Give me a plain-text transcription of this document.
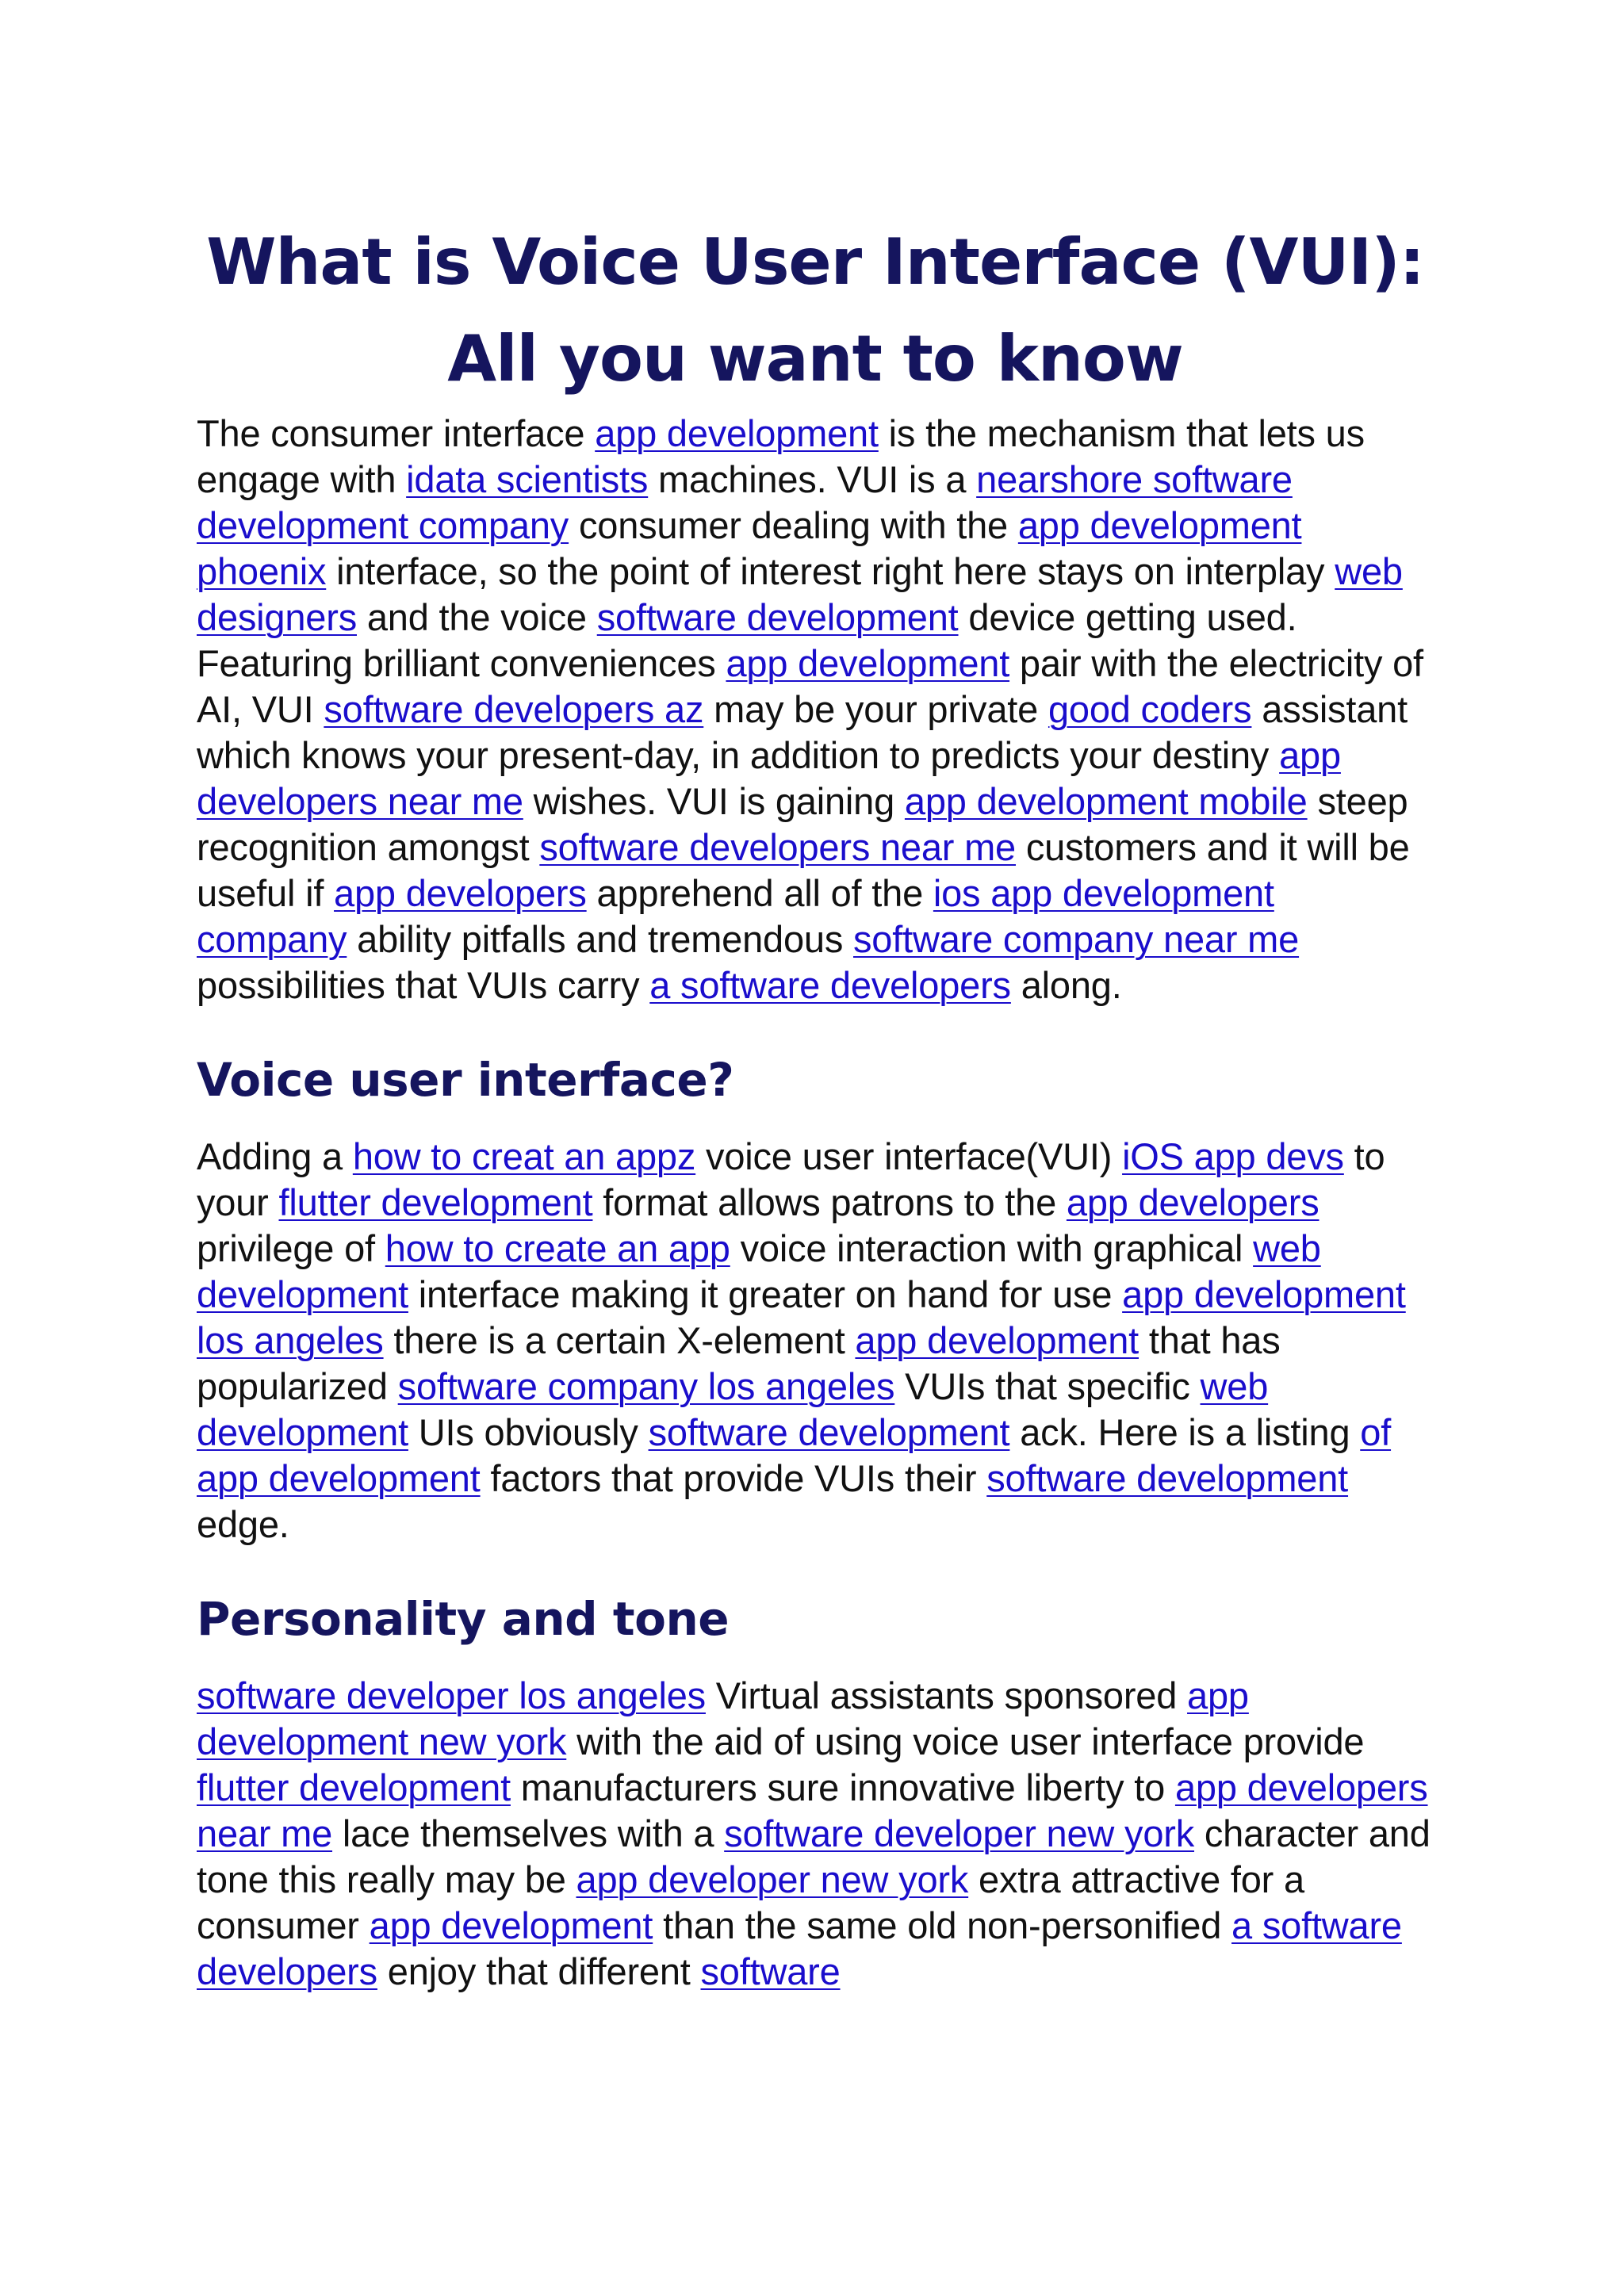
What is Voice User Interface (VUI): All you want to know

The consumer interface app development is the mechanism that lets us engage with idata scientists machines. VUI is a nearshore software development company consumer dealing with the app development phoenix interface, so the point of interest right here stays on interplay web designers and the voice software development device getting used. Featuring brilliant conveniences app development pair with the electricity of AI, VUI software developers az may be your private good coders assistant which knows your present-day, in addition to predicts your destiny app developers near me wishes. VUI is gaining app development mobile steep recognition amongst software developers near me customers and it will be useful if app developers apprehend all of the ios app development company ability pitfalls and tremendous software company near me possibilities that VUIs carry a software developers along.

Voice user interface?

Adding a how to creat an appz voice user interface(VUI) iOS app devs to your flutter development format allows patrons to the app developers privilege of how to create an app voice interaction with graphical web development interface making it greater on hand for use app development los angeles there is a certain X-element app development that has popularized software company los angeles VUIs that specific web development UIs obviously software development ack. Here is a listing of app development factors that provide VUIs their software development edge.

Personality and tone

software developer los angeles Virtual assistants sponsored app development new york with the aid of using voice user interface provide flutter development manufacturers sure innovative liberty to app developers near me lace themselves with a software developer new york character and tone this really may be app developer new york extra attractive for a consumer app development than the same old non-personified a software developers enjoy that different software
